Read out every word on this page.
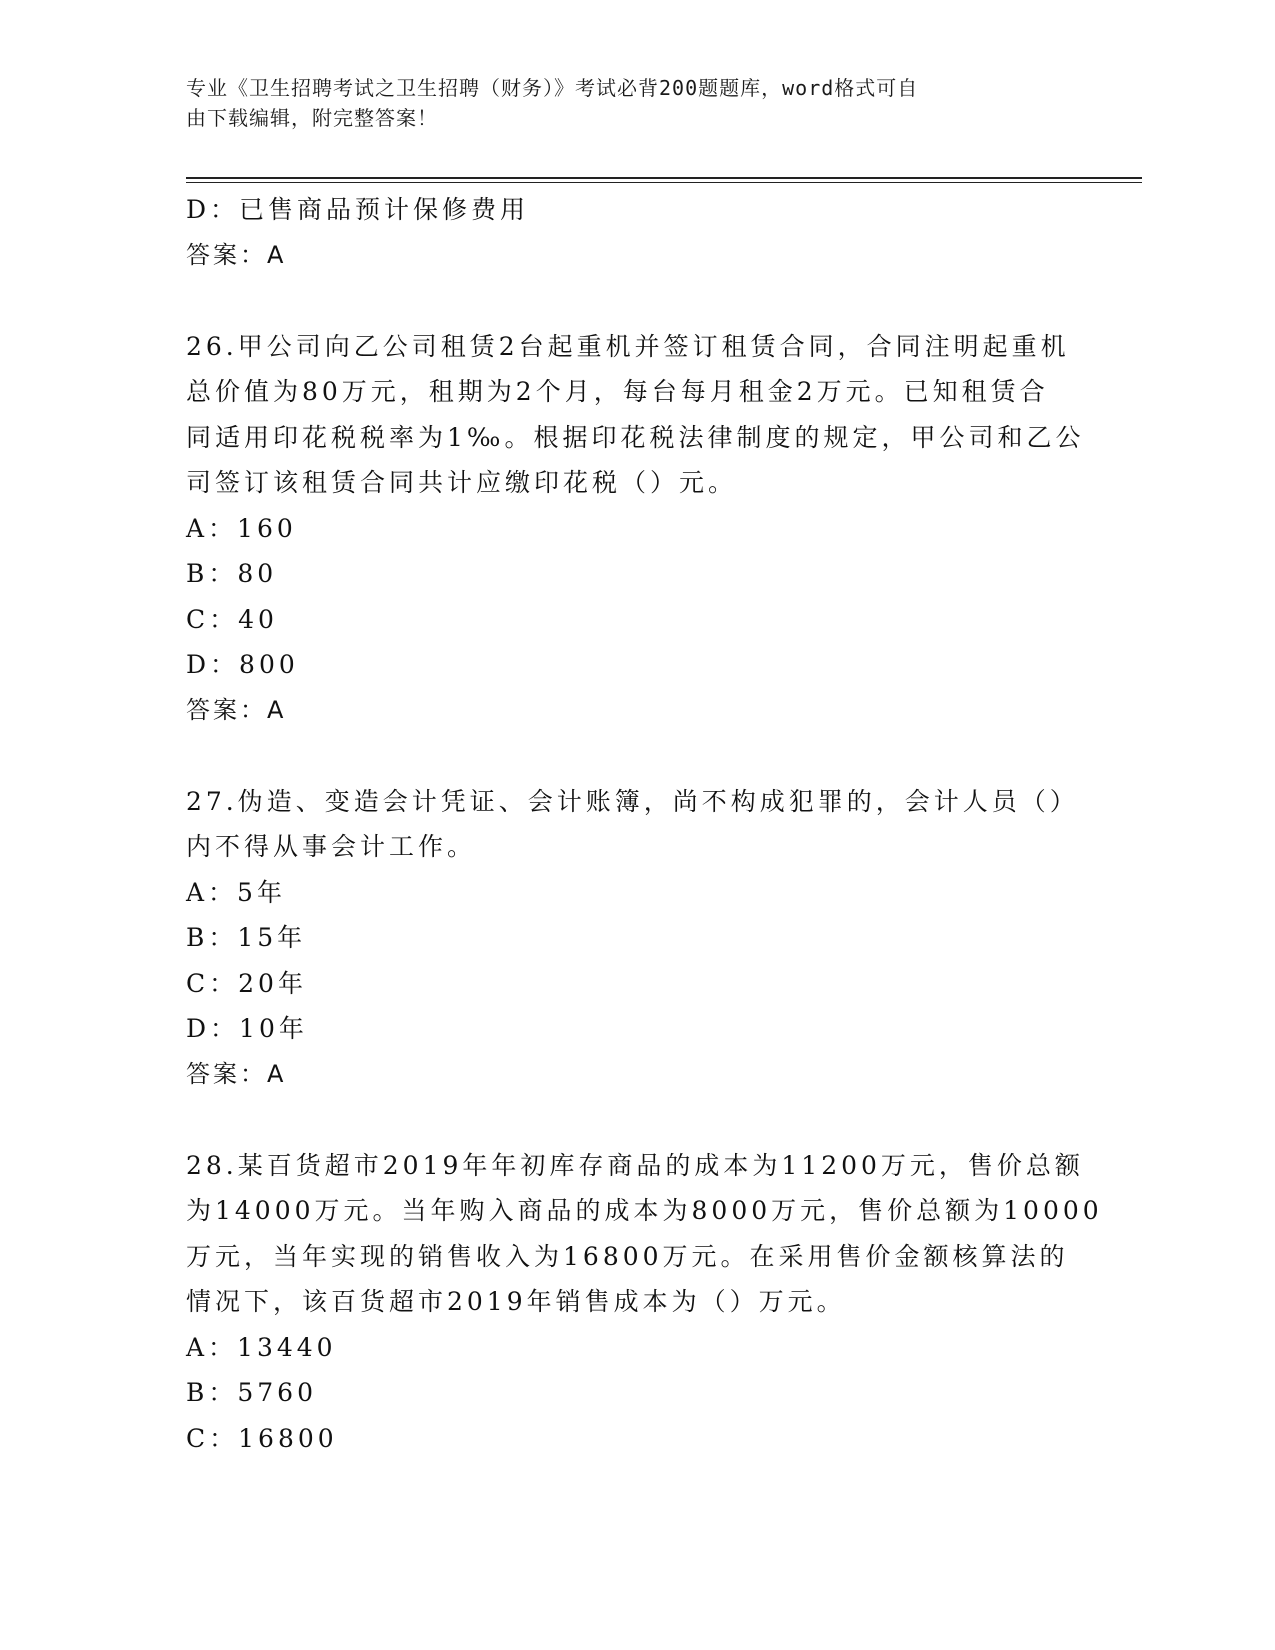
专业《卫生招聘考试之卫生招聘（财务）》考试必背200题题库，word格式可自
由下载编辑，附完整答案！
D：已售商品预计保修费用
答案：A
26.甲公司向乙公司租赁2台起重机并签订租赁合同，合同注明起重机
总价值为80万元，租期为2个月，每台每月租金2万元。已知租赁合
同适用印花税税率为1‰。根据印花税法律制度的规定，甲公司和乙公
司签订该租赁合同共计应缴印花税（）元。
A：160
B：80
C：40
D：800
答案：A
27.伪造、变造会计凭证、会计账簿，尚不构成犯罪的，会计人员（）
内不得从事会计工作。
A：5年
B：15年
C：20年
D：10年
答案：A
28.某百货超市2019年年初库存商品的成本为11200万元，售价总额
为14000万元。当年购入商品的成本为8000万元，售价总额为10000
万元，当年实现的销售收入为16800万元。在采用售价金额核算法的
情况下，该百货超市2019年销售成本为（）万元。
A：13440
B：5760
C：16800
